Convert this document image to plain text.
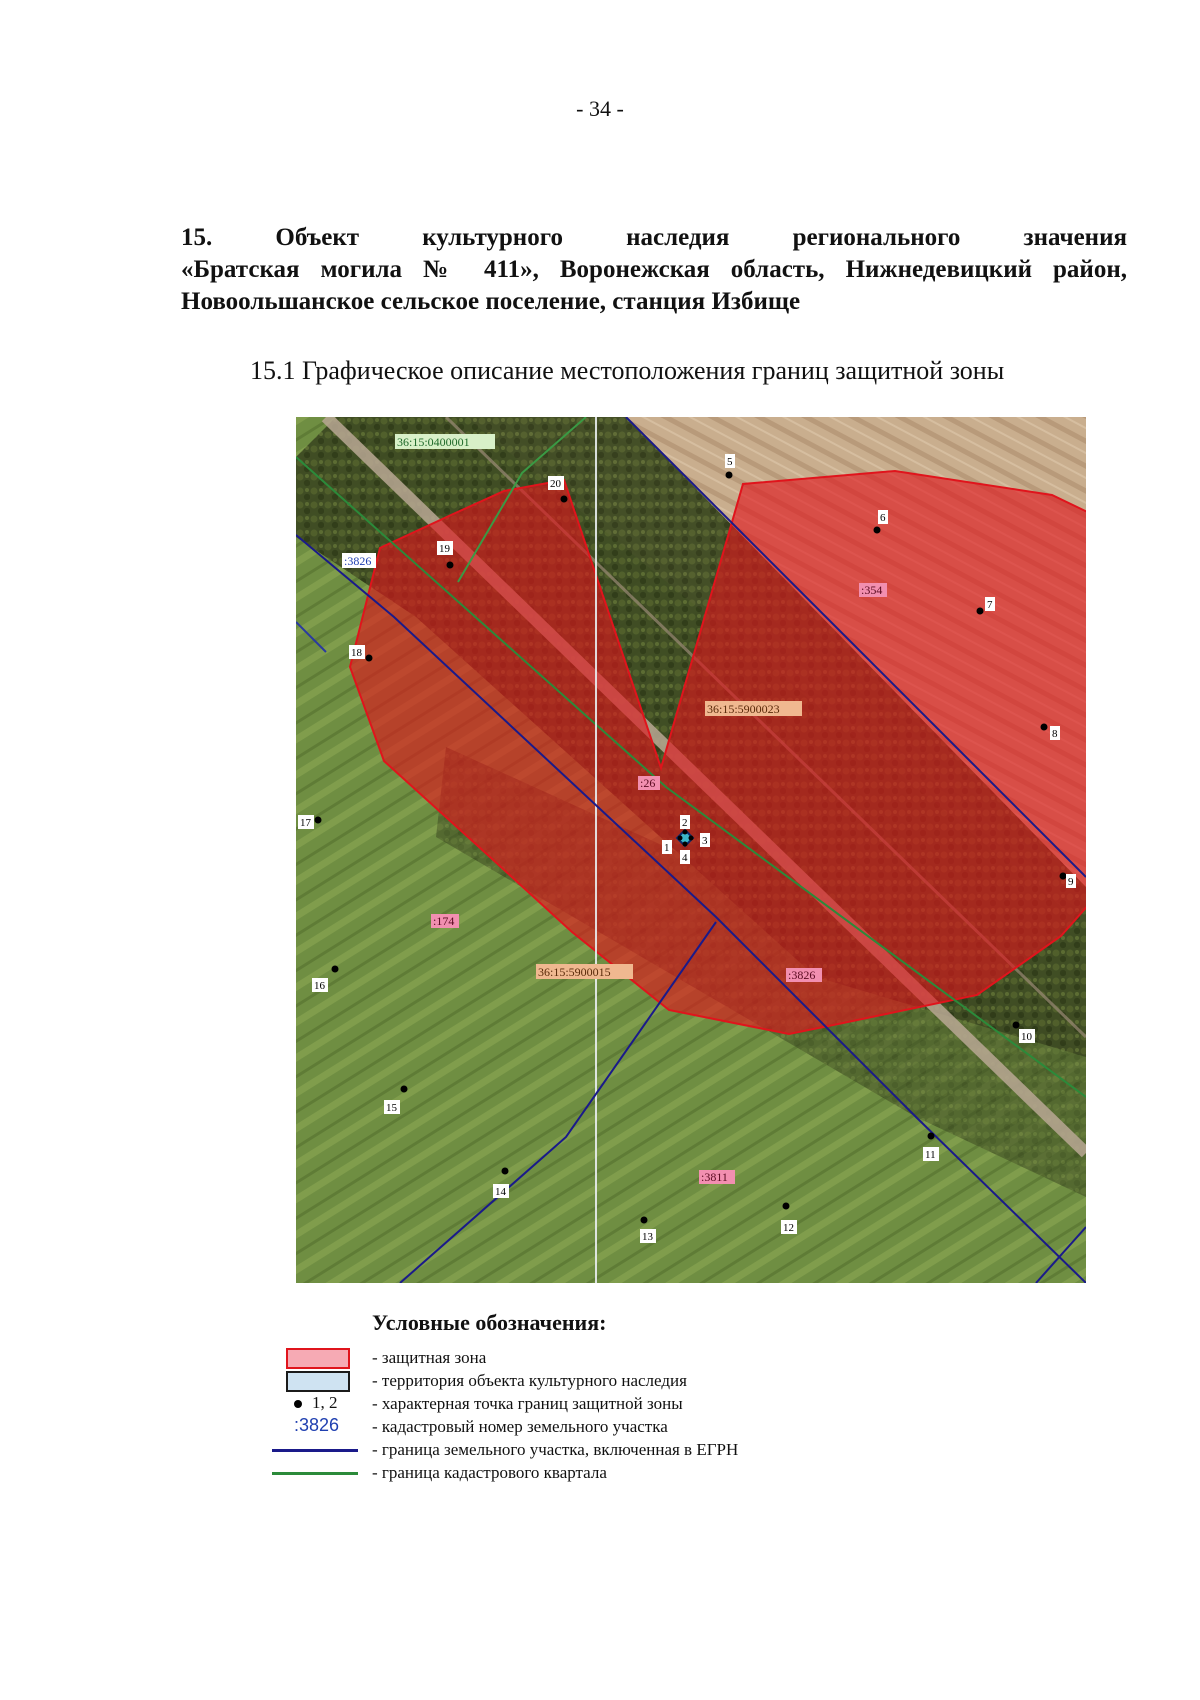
- 34 -
15. Объект культурного наследия регионального значения
«Братская могила № 411», Воронежская область, Нижнедевицкий район,
Новоольшанское сельское поселение, станция Избище
15.1 Графическое описание местоположения границ защитной зоны
36:15:0400001
:3826
:354
36:15:5900023
:26
:174
36:15:5900015	:3826
:3811
1
2
3
4
5
6
7
8
9
10
11
12
13
14
15
16
17
18
19
20
Условные обозначения:
- защитная зона
- территория объекта культурного наследия
1, 2 - характерная точка границ защитной зоны
:3826 - кадастровый номер земельного участка
- граница земельного участка, включенная в ЕГРН
- граница кадастрового квартала
